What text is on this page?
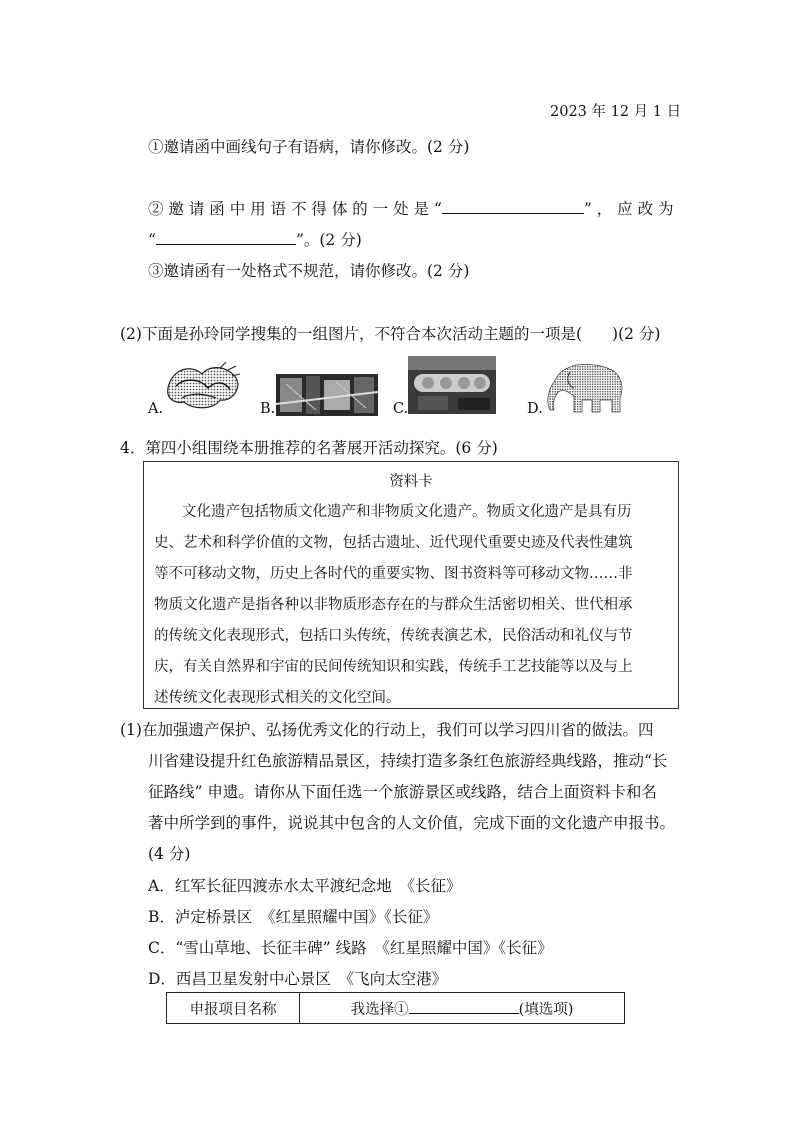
2023 年 12 月 1 日
①邀请函中画线句子有语病，请你修改。(2 分)
② 邀 请 函 中 用 语 不 得 体 的 一 处 是 “	” ， 应 改 为
“	”。(2 分)
③邀请函有一处格式不规范，请你修改。(2 分)
(2)下面是孙玲同学搜集的一组图片，不符合本次活动主题的一项是( )(2 分)
A.	B.	C.	D.
4．第四小组围绕本册推荐的名著展开活动探究。(6 分)
资料卡
文化遗产包括物质文化遗产和非物质文化遗产。物质文化遗产是具有历
史、艺术和科学价值的文物，包括古遗址、近代现代重要史迹及代表性建筑
等不可移动文物，历史上各时代的重要实物、图书资料等可移动文物……非
物质文化遗产是指各种以非物质形态存在的与群众生活密切相关、世代相承
的传统文化表现形式，包括口头传统，传统表演艺术，民俗活动和礼仪与节
庆，有关自然界和宇宙的民间传统知识和实践，传统手工艺技能等以及与上
述传统文化表现形式相关的文化空间。
(1)在加强遗产保护、弘扬优秀文化的行动上，我们可以学习四川省的做法。四
川省建设提升红色旅游精品景区，持续打造多条红色旅游经典线路，推动“长
征路线” 申遗。请你从下面任选一个旅游景区或线路，结合上面资料卡和名
著中所学到的事件，说说其中包含的人文价值，完成下面的文化遗产申报书。
(4 分)
A．红军长征四渡赤水太平渡纪念地　《长征》
B．泸定桥景区　《红星照耀中国》《长征》
C．“雪山草地、长征丰碑” 线路　《红星照耀中国》《长征》
D．西昌卫星发射中心景区　《飞向太空港》
申报项目名称	我选择①	(填选项)
